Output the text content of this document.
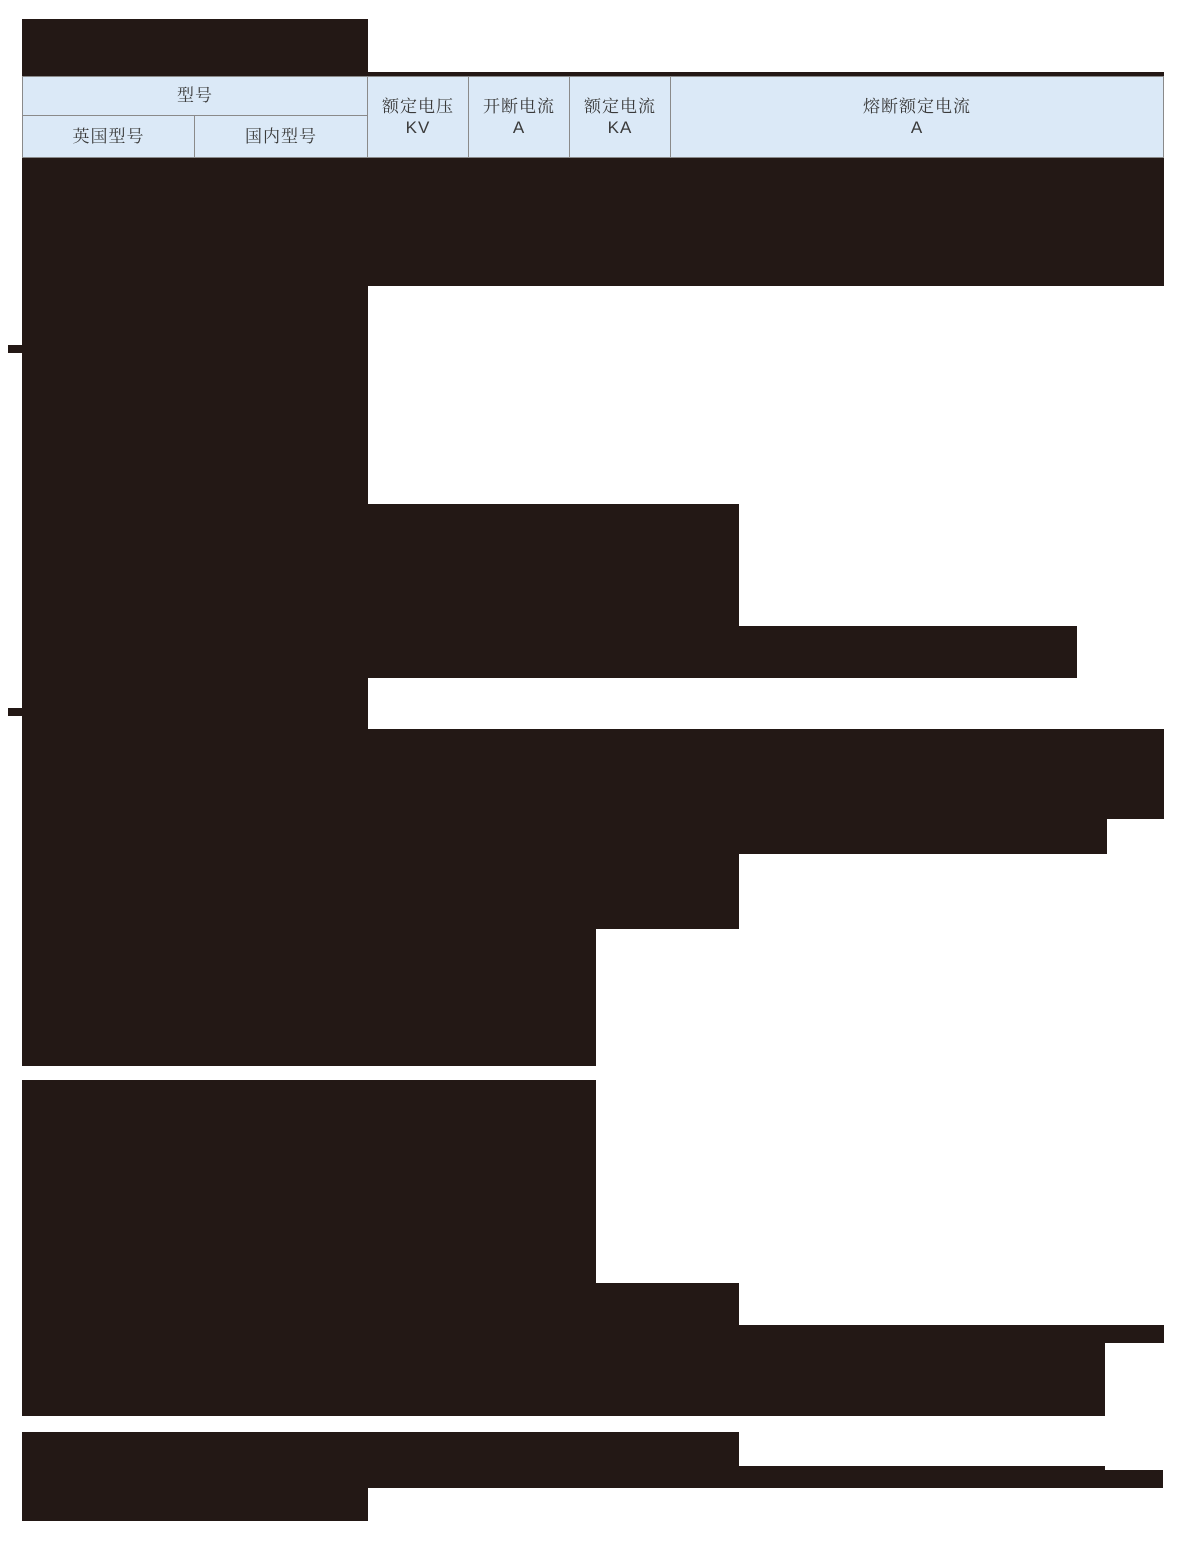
型号
英国型号	国内型号
额定电压
KV
开断电流
A
额定电流
KA
熔断额定电流
A
